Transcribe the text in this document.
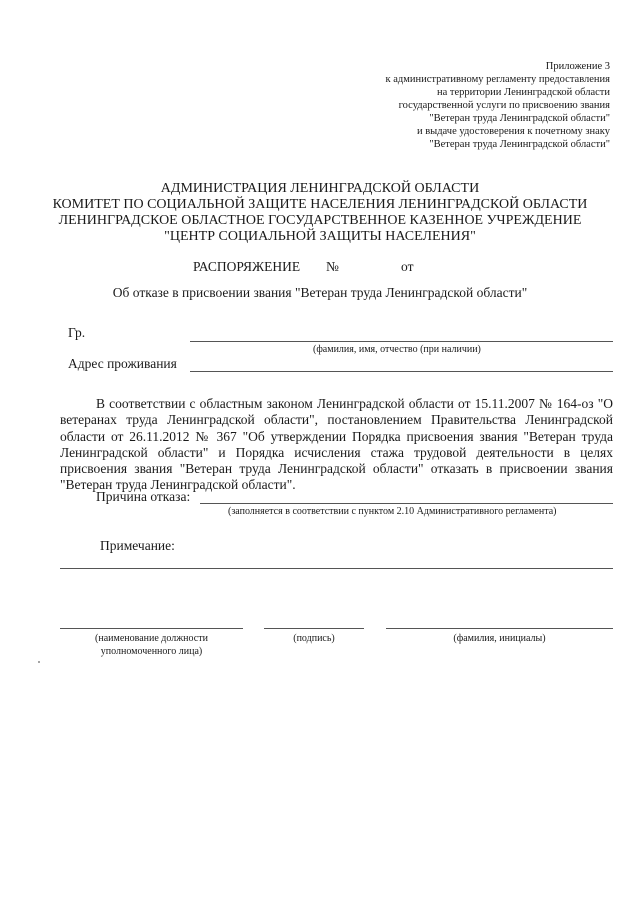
Приложение 3
к административному регламенту предоставления
на территории Ленинградской области
государственной услуги по присвоению звания
"Ветеран труда Ленинградской области"
и выдаче удостоверения к почетному знаку
"Ветеран труда Ленинградской области"
АДМИНИСТРАЦИЯ ЛЕНИНГРАДСКОЙ ОБЛАСТИ
КОМИТЕТ ПО СОЦИАЛЬНОЙ ЗАЩИТЕ НАСЕЛЕНИЯ ЛЕНИНГРАДСКОЙ ОБЛАСТИ
ЛЕНИНГРАДСКОЕ ОБЛАСТНОЕ ГОСУДАРСТВЕННОЕ КАЗЕННОЕ УЧРЕЖДЕНИЕ
"ЦЕНТР СОЦИАЛЬНОЙ ЗАЩИТЫ НАСЕЛЕНИЯ"
РАСПОРЯЖЕНИЕ №	от
Об отказе в присвоении звания "Ветеран труда Ленинградской области"
Гр.
(фамилия, имя, отчество (при наличии)
Адрес проживания
В соответствии с областным законом Ленинградской области от 15.11.2007 № 164-оз "О ветеранах труда Ленинградской области", постановлением Правительства Ленинградской области от 26.11.2012 № 367 "Об утверждении Порядка присвоения звания "Ветеран труда Ленинградской области" и Порядка исчисления стажа трудовой деятельности в целях присвоения звания "Ветеран труда Ленинградской области" отказать в присвоении звания "Ветеран труда Ленинградской области".
Причина отказа:
(заполняется в соответствии с пунктом 2.10 Административного регламента)
Примечание:
(наименование должности
уполномоченного лица)
(подпись)	(фамилия, инициалы)
